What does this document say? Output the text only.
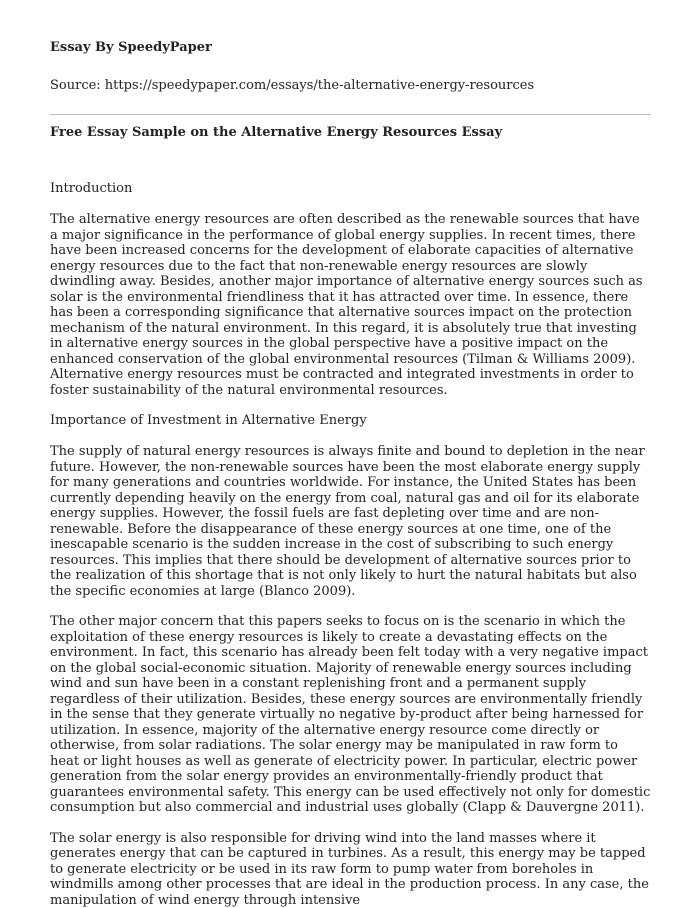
Essay By SpeedyPaper

Source: https://speedypaper.com/essays/the-alternative-energy-resources

Free Essay Sample on the Alternative Energy Resources Essay

Introduction

The alternative energy resources are often described as the renewable sources that have a major significance in the performance of global energy supplies. In recent times, there have been increased concerns for the development of elaborate capacities of alternative energy resources due to the fact that non-renewable energy resources are slowly dwindling away. Besides, another major importance of alternative energy sources such as solar is the environmental friendliness that it has attracted over time. In essence, there has been a corresponding significance that alternative sources impact on the protection mechanism of the natural environment. In this regard, it is absolutely true that investing in alternative energy sources in the global perspective have a positive impact on the enhanced conservation of the global environmental resources (Tilman & Williams 2009). Alternative energy resources must be contracted and integrated investments in order to foster sustainability of the natural environmental resources.

Importance of Investment in Alternative Energy

The supply of natural energy resources is always finite and bound to depletion in the near future. However, the non-renewable sources have been the most elaborate energy supply for many generations and countries worldwide. For instance, the United States has been currently depending heavily on the energy from coal, natural gas and oil for its elaborate energy supplies. However, the fossil fuels are fast depleting over time and are non-renewable. Before the disappearance of these energy sources at one time, one of the inescapable scenario is the sudden increase in the cost of subscribing to such energy resources. This implies that there should be development of alternative sources prior to the realization of this shortage that is not only likely to hurt the natural habitats but also the specific economies at large (Blanco 2009).

The other major concern that this papers seeks to focus on is the scenario in which the exploitation of these energy resources is likely to create a devastating effects on the environment. In fact, this scenario has already been felt today with a very negative impact on the global social-economic situation. Majority of renewable energy sources including wind and sun have been in a constant replenishing front and a permanent supply regardless of their utilization. Besides, these energy sources are environmentally friendly in the sense that they generate virtually no negative by-product after being harnessed for utilization. In essence, majority of the alternative energy resource come directly or otherwise, from solar radiations. The solar energy may be manipulated in raw form to heat or light houses as well as generate of electricity power. In particular, electric power generation from the solar energy provides an environmentally-friendly product that guarantees environmental safety. This energy can be used effectively not only for domestic consumption but also commercial and industrial uses globally (Clapp & Dauvergne 2011).

The solar energy is also responsible for driving wind into the land masses where it generates energy that can be captured in turbines. As a result, this energy may be tapped to generate electricity or be used in its raw form to pump water from boreholes in windmills among other processes that are ideal in the production process. In any case, the manipulation of wind energy through intensive
